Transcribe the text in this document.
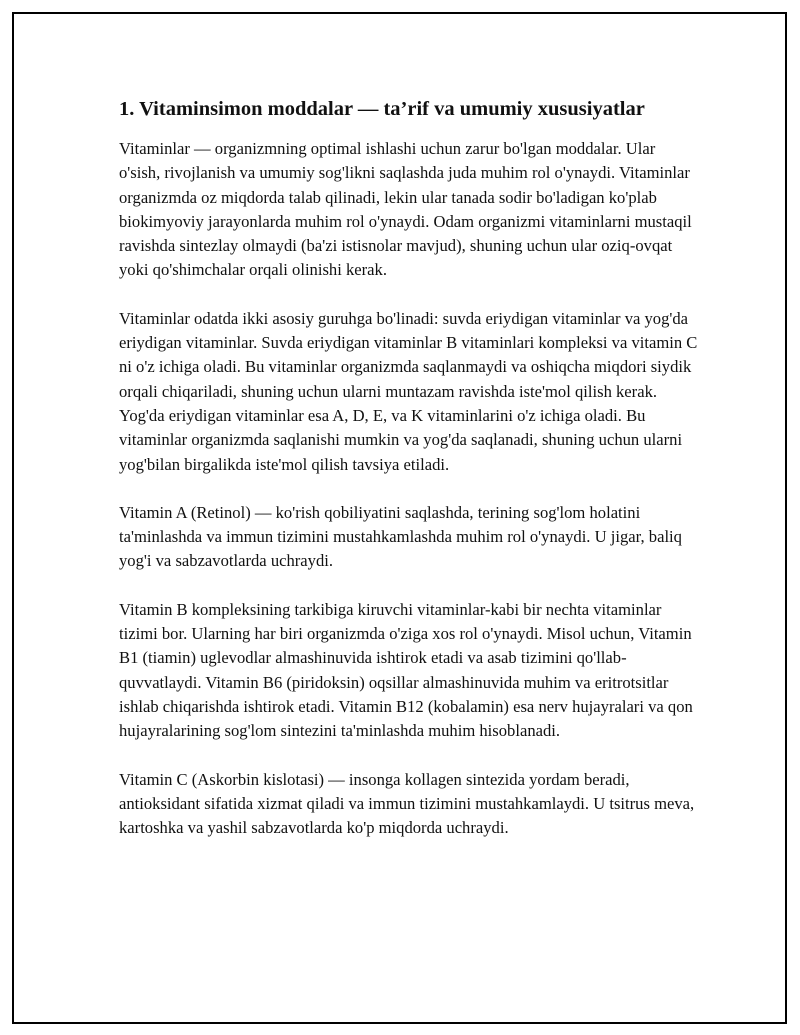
1. Vitaminsimon moddalar — ta’rif va umumiy xususiyatlar

Vitaminlar — organizmning optimal ishlashi uchun zarur bo'lgan moddalar. Ular o'sish, rivojlanish va umumiy sog'likni saqlashda juda muhim rol o'ynaydi. Vitaminlar organizmda oz miqdorda talab qilinadi, lekin ular tanada sodir bo'ladigan ko'plab biokimyoviy jarayonlarda muhim rol o'ynaydi. Odam organizmi vitaminlarni mustaqil ravishda sintezlay olmaydi (ba'zi istisnolar mavjud), shuning uchun ular oziq-ovqat yoki qo'shimchalar orqali olinishi kerak.

Vitaminlar odatda ikki asosiy guruhga bo'linadi: suvda eriydigan vitaminlar va yog'da eriydigan vitaminlar. Suvda eriydigan vitaminlar B vitaminlari kompleksi va vitamin C ni o'z ichiga oladi. Bu vitaminlar organizmda saqlanmaydi va oshiqcha miqdori siydik orqali chiqariladi, shuning uchun ularni muntazam ravishda iste'mol qilish kerak. Yog'da eriydigan vitaminlar esa A, D, E, va K vitaminlarini o'z ichiga oladi. Bu vitaminlar organizmda saqlanishi mumkin va yog'da saqlanadi, shuning uchun ularni yog'bilan birgalikda iste'mol qilish tavsiya etiladi.

Vitamin A (Retinol) — ko'rish qobiliyatini saqlashda, terining sog'lom holatini ta'minlashda va immun tizimini mustahkamlashda muhim rol o'ynaydi. U jigar, baliq yog'i va sabzavotlarda uchraydi.

Vitamin B kompleksining tarkibiga kiruvchi vitaminlar-kabi bir nechta vitaminlar tizimi bor. Ularning har biri organizmda o'ziga xos rol o'ynaydi. Misol uchun, Vitamin B1 (tiamin) uglevodlar almashinuvida ishtirok etadi va asab tizimini qo'llab-quvvatlaydi. Vitamin B6 (piridoksin) oqsillar almashinuvida muhim va eritrotsitlar ishlab chiqarishda ishtirok etadi. Vitamin B12 (kobalamin) esa nerv hujayralari va qon hujayralarining sog'lom sintezini ta'minlashda muhim hisoblanadi.

Vitamin C (Askorbin kislotasi) — insonga kollagen sintezida yordam beradi, antioksidant sifatida xizmat qiladi va immun tizimini mustahkamlaydi. U tsitrus meva, kartoshka va yashil sabzavotlarda ko'p miqdorda uchraydi.
